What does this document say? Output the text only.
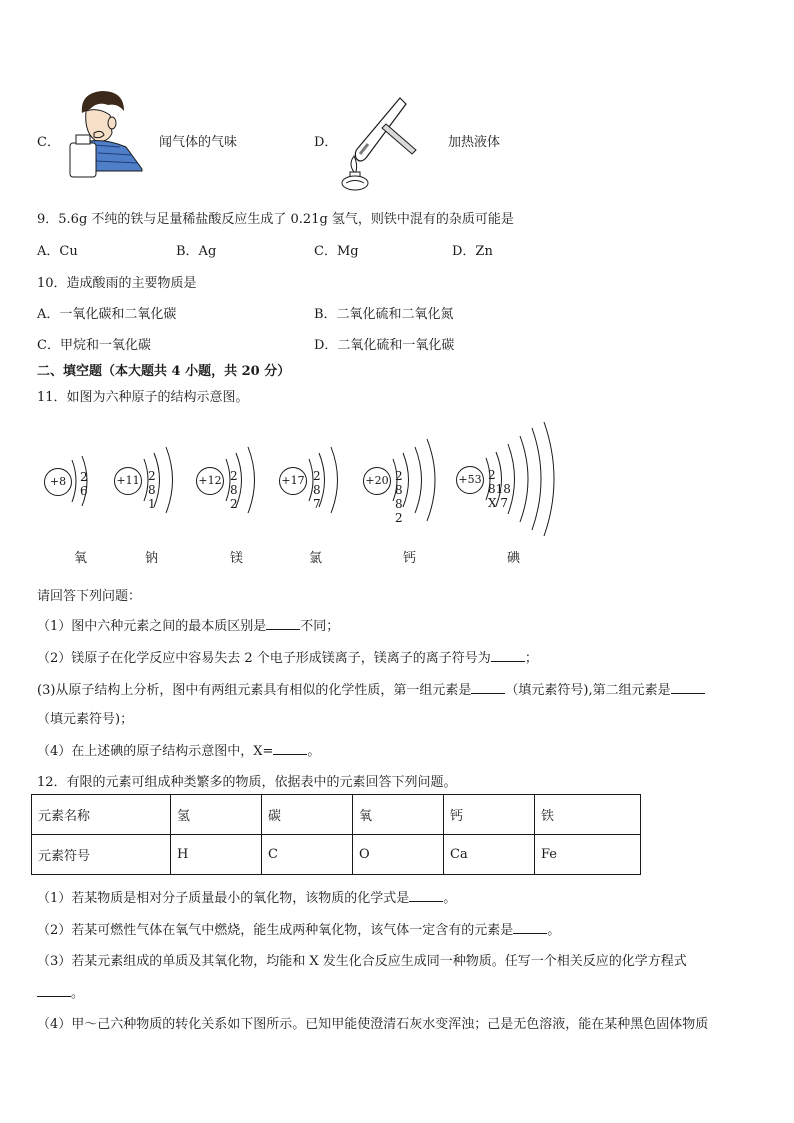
C．	闻气体的气味	D．	加热液体
9．5.6g 不纯的铁与足量稀盐酸反应生成了 0.21g 氢气，则铁中混有的杂质可能是
A．Cu	B．Ag	C．Mg	D．Zn
10．造成酸雨的主要物质是
A．一氧化碳和二氧化碳	B．二氧化硫和二氧化氮
C．甲烷和一氧化碳	D．二氧化硫和一氧化碳
二、填空题（本大题共 4 小题，共 20 分）
11．如图为六种原子的结构示意图。
+8	2 6
氧
+11 2 8 1
钠
+12 2 8 2
镁
+17 2 8 7
氯
+20 2 8 8 2
钙
+53 2 818 X 7
碘
请回答下列问题：
（1）图中六种元素之间的最本质区别是	不同；
（2）镁原子在化学反应中容易失去 2 个电子形成镁离子，镁离子的离子符号为	；
(3)从原子结构上分析，图中有两组元素具有相似的化学性质，第一组元素是	（填元素符号),第二组元素是
（填元素符号)；
（4）在上述碘的原子结构示意图中，X=	。
12．有限的元素可组成种类繁多的物质，依据表中的元素回答下列问题。
元素名称	氢	碳	氧	钙	铁
元素符号	H	C	O	Ca	Fe
（1）若某物质是相对分子质量最小的氧化物，该物质的化学式是	。
（2）若某可燃性气体在氧气中燃烧，能生成两种氧化物，该气体一定含有的元素是	。
（3）若某元素组成的单质及其氧化物，均能和 X 发生化合反应生成同一种物质。任写一个相关反应的化学方程式
。
（4）甲～己六种物质的转化关系如下图所示。已知甲能使澄清石灰水变浑浊；己是无色溶液，能在某种黑色固体物质
